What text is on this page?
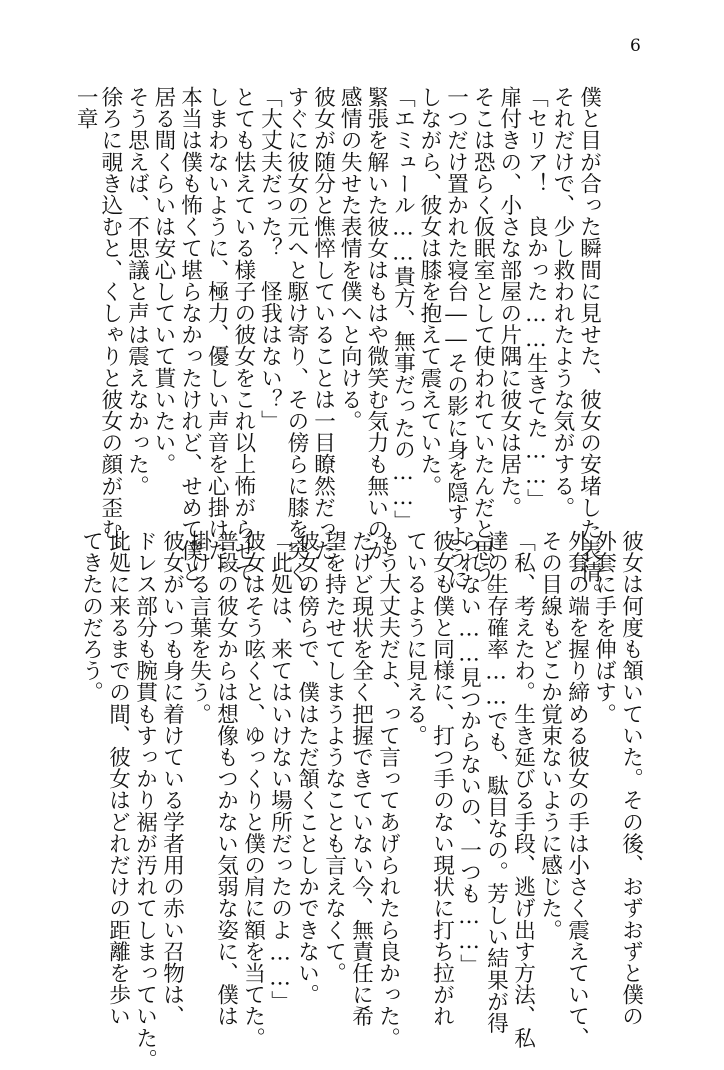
6

一章	僕と目が合った瞬間に見せた、彼女の安堵した表情。

それだけで、少し救われたような気がする。

「セリア！　良かった……生きてた……」

扉付きの、小さな部屋の片隅に彼女は居た。

そこは恐らく仮眠室として使われていたんだと思う。

一つだけ置かれた寝台――その影に身を隠すように

しながら、彼女は膝を抱えて震えていた。

「エミュール……貴方、無事だったの……」

緊張を解いた彼女はもはや微笑む気力も無いのか、

感情の失せた表情を僕へと向ける。

彼女が随分と憔悴していることは一目瞭然だった。

すぐに彼女の元へと駆け寄り、その傍らに膝を突く。

「大丈夫だった？　怪我はない？」

とても怯えている様子の彼女をこれ以上怖がらせて

しまわないように、極力、優しい声音を心掛けた。

本当は僕も怖くて堪らなかったけれど、せめて僕と

居る間くらいは安心していて貰いたい。

そう思えば、不思議と声は震えなかった。

徐ろに覗き込むと、くしゃりと彼女の顔が歪む。

彼女は何度も頷いていた。その後、おずおずと僕の

外套に手を伸ばす。

外套の端を握り締める彼女の手は小さく震えていて、

その目線もどこか覚束ないように感じた。

「私、考えたわ。生き延びる手段、逃げ出す方法、私

達の生存確率……でも、駄目なの。芳しい結果が得

られない……見つからないの、一つも……」

彼女も僕と同様に、打つ手のない現状に打ち拉がれ

ているように見える。

もう大丈夫だよ、って言ってあげられたら良かった。

だけど現状を全く把握できていない今、無責任に希

望を持たせてしまうようなことも言えなくて。

彼女の傍らで、僕はただ頷くことしかできない。

「此処は、来てはいけない場所だったのよ……」

彼女はそう呟くと、ゆっくりと僕の肩に額を当てた。

普段の彼女からは想像もつかない気弱な姿に、僕は

掛ける言葉を失う。

彼女がいつも身に着けている学者用の赤い召物は、

ドレス部分も腕貫もすっかり裾が汚れてしまっていた。

此処に来るまでの間、彼女はどれだけの距離を歩い

てきたのだろう。
